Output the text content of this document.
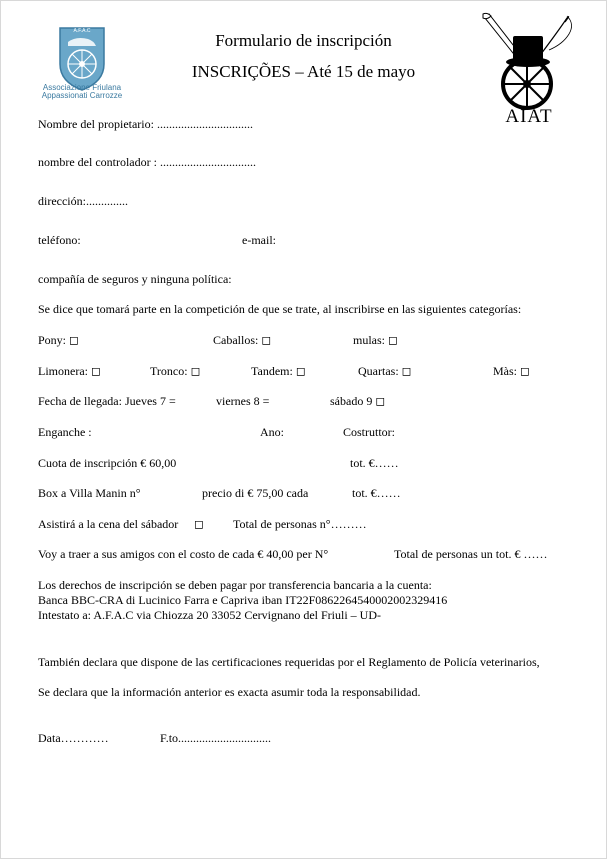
A.F.A.C
Associazione Friulana
Appassionati Carrozze
Formulario de inscripción
INSCRIÇÕES – Até 15 de mayo
AIAT
Nombre del propietario: ................................
nombre del controlador : ................................
dirección:..............
teléfono:	e-mail:
compañía de seguros y ninguna política:
Se dice que tomará parte en la competición de que se trate, al inscribirse en las siguientes categorías:
Pony: ◻	Caballos: ◻	mulas: ◻
Limonera: ◻	Tronco: ◻	Tandem: ◻	Quartas: ◻	Màs: ◻
Fecha de llegada: Jueves 7 =	viernes 8 =	sábado 9 ◻
Enganche :	Ano:	Costruttor:
Cuota de inscripción € 60,00	tot. €……
Box a Villa Manin n°	precio di € 75,00 cada	tot. €……
Asistirá a la cena del sábador ◻ Total de personas n°………
Voy a traer a sus amigos con el costo de cada € 40,00 per N°	Total de personas un tot. € ……
Los derechos de inscripción se deben pagar por transferencia bancaria a la cuenta:
Banca BBC-CRA di Lucinico Farra e Capriva iban IT22F0862264540002002329416
Intestato a: A.F.A.C via Chiozza 20 33052 Cervignano del Friuli – UD-
También declara que dispone de las certificaciones requeridas por el Reglamento de Policía veterinarios,
Se declara que la información anterior es exacta asumir toda la responsabilidad.
Data…………	F.to...............................
